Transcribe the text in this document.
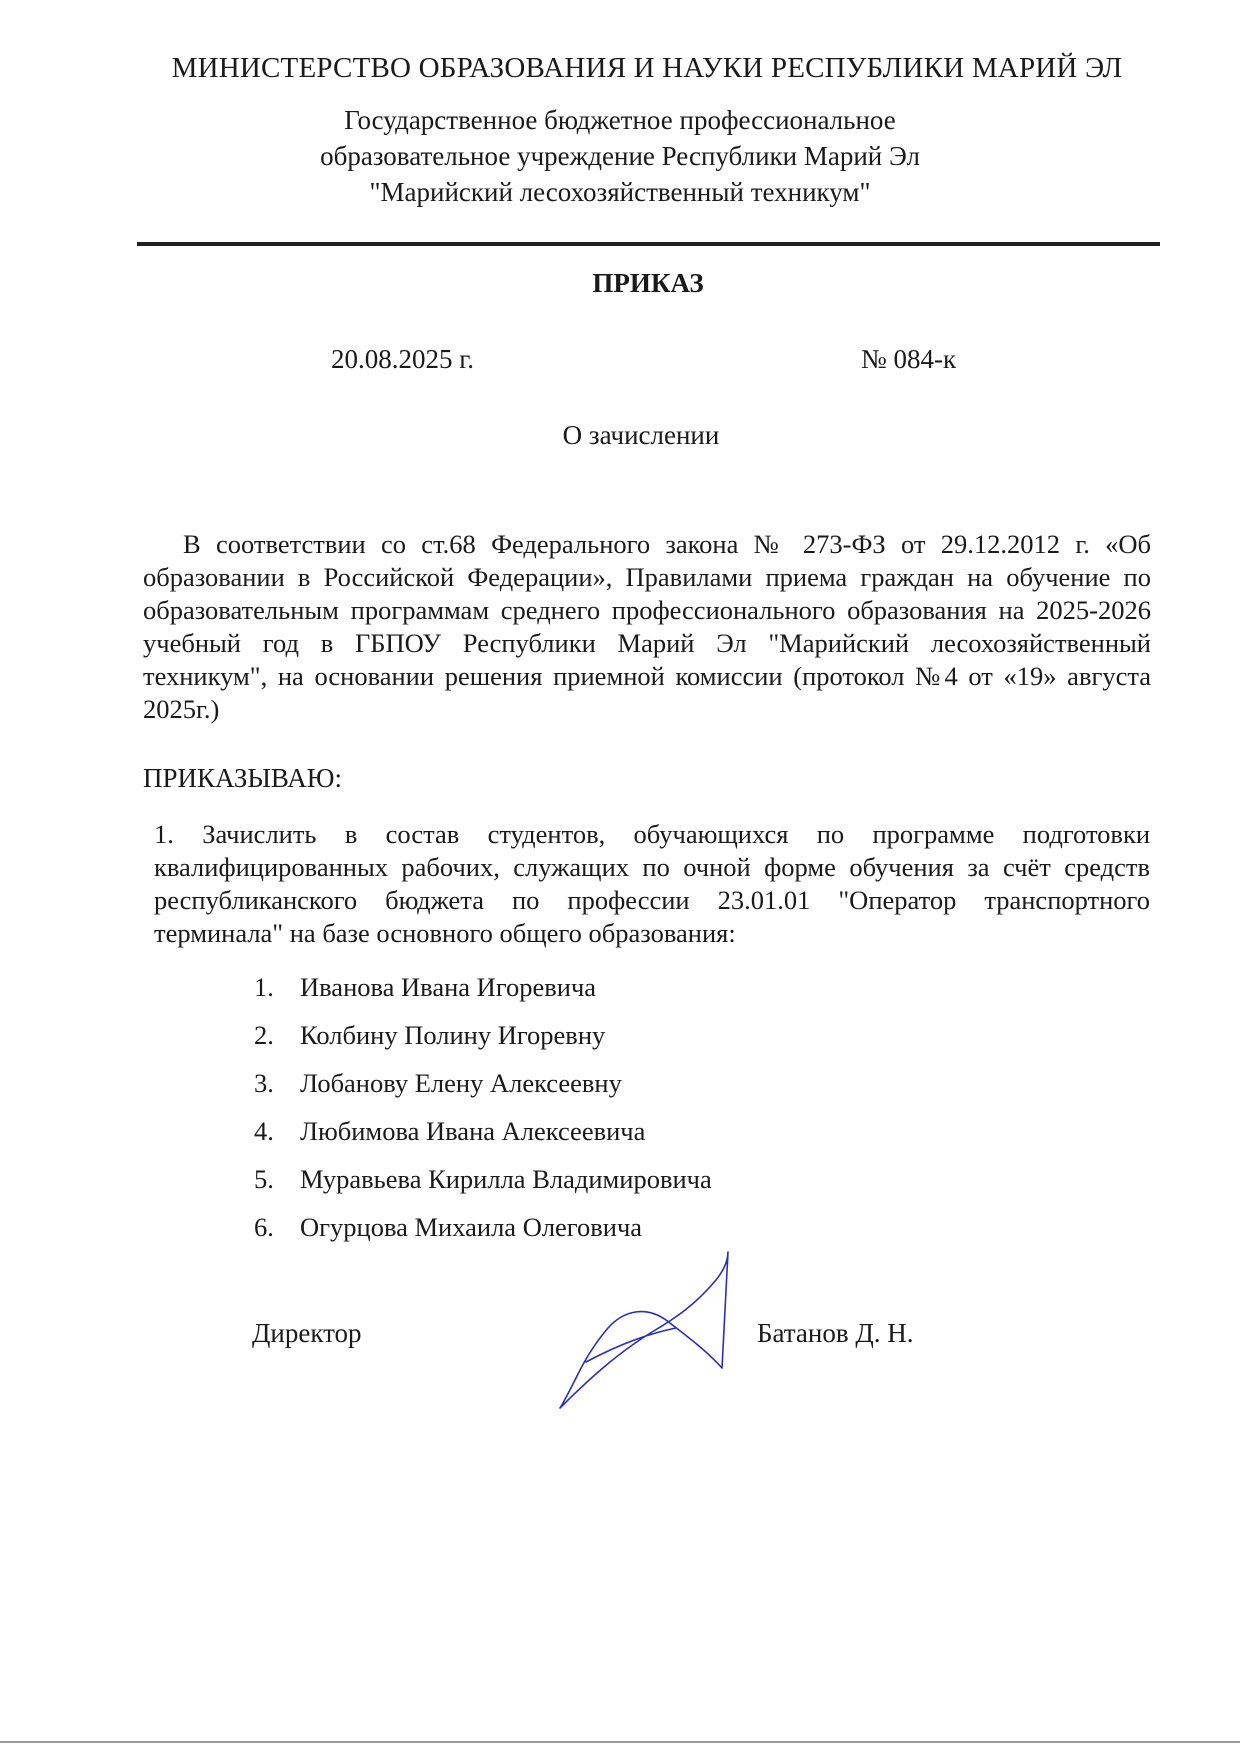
МИНИСТЕРСТВО ОБРАЗОВАНИЯ И НАУКИ РЕСПУБЛИКИ МАРИЙ ЭЛ
Государственное бюджетное профессиональное
образовательное учреждение Республики Марий Эл
"Марийский лесохозяйственный техникум"
ПРИКАЗ
20.08.2025 г.	№ 084-к
О зачислении

В соответствии со ст.68 Федерального закона № 273-ФЗ от 29.12.2012 г. «Об образовании в Российской Федерации», Правилами приема граждан на обучение по образовательным программам среднего профессионального образования на 2025-2026 учебный год в ГБПОУ Республики Марий Эл "Марийский лесохозяйственный техникум", на основании решения приемной комиссии (протокол №4 от «19» августа 2025г.)

ПРИКАЗЫВАЮ:
1. Зачислить в состав студентов, обучающихся по программе подготовки квалифицированных рабочих, служащих по очной форме обучения за счёт средств республиканского бюджета по профессии 23.01.01 "Оператор транспортного терминала" на базе основного общего образования:
1. Иванова Ивана Игоревича
2. Колбину Полину Игоревну
3. Лобанову Елену Алексеевну
4. Любимова Ивана Алексеевича
5. Муравьева Кирилла Владимировича
6. Огурцова Михаила Олеговича
Директор	Батанов Д. Н.
